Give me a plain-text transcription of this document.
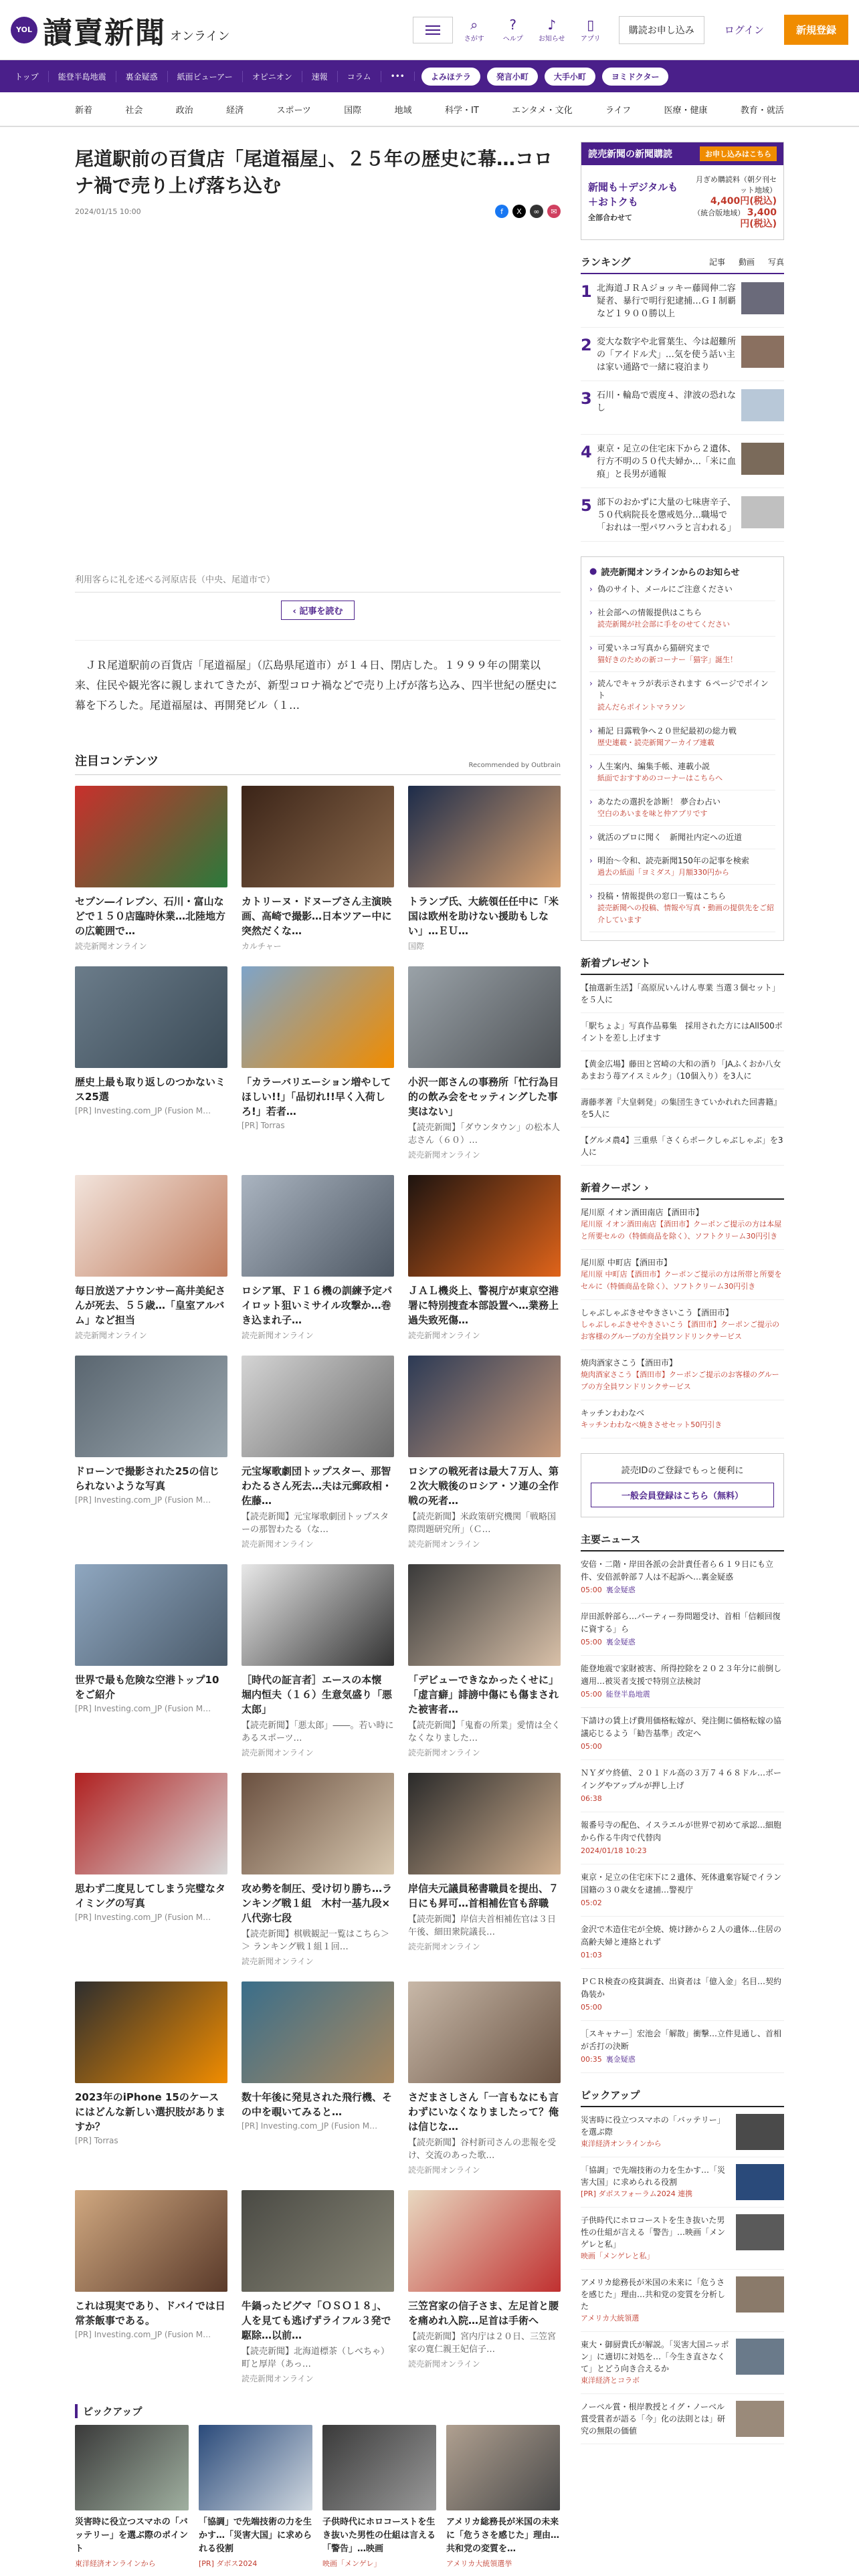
YOL 讀賣新聞 オンライン
⌕
さがす
?
ヘルプ
♪
お知らせ
▯
アプリ
購読お申し込み	ログイン	新規登録
トップ	能登半島地震	裏金疑惑	紙面ビューアー	オピニオン	速報	コラム	•••	よみほテラ	発言小町	大手小町	ヨミドクター
新着	社会	政治	経済	スポーツ	国際	地域	科学・IT	エンタメ・文化	ライフ	医療・健康	教育・就活
尾道駅前の百貨店「尾道福屋」、２５年の歴史に幕…コロナ禍で売り上げ落ち込む
2024/01/15 10:00	f	X	∞	✉
利用客らに礼を述べる河原店長（中央、尾道市で）
‹ 記事を読む

ＪＲ尾道駅前の百貨店「尾道福屋」（広島県尾道市）が１４日、閉店した。１９９９年の開業以来、住民や観光客に親しまれてきたが、新型コロナ禍などで売り上げが落ち込み、四半世紀の歴史に幕を下ろした。尾道福屋は、再開発ビル（１…

注目コンテンツ	Recommended by Outbrain
セブン―イレブン、石川・富山などで１５０店臨時休業…北陸地方の広範囲で…
読売新聞オンライン
カトリーヌ・ドヌーブさん主演映画、高崎で撮影…日本ツアー中に突然だくな…
カルチャー
トランプ氏、大統領任任中に「米国は欧州を助けない援助もしない」…ＥＵ…
国際
歴史上最も取り返しのつかないミス25選
[PR] Investing.com_JP (Fusion M…
「カラーバリエーション増やしてほしい!!」「品切れ!!早く入荷しろ!」若者…
[PR] Torras
小沢一郎さんの事務所「忙行為目的の飲み会をセッティングした事実はない」
【読売新聞】「ダウンタウン」の松本人志さん（６０）…
読売新聞オンライン
毎日放送アナウンサー高井美紀さんが死去、５５歳…「皇室アルバム」など担当
読売新聞オンライン
ロシア軍、Ｆ１６機の訓練予定パイロット狙いミサイル攻撃か…巻き込まれ子…
読売新聞オンライン
ＪＡＬ機炎上、警視庁が東京空港署に特別捜査本部設置へ…業務上過失致死傷…
読売新聞オンライン
ドローンで撮影された25の信じられないような写真
[PR] Investing.com_JP (Fusion M…
元宝塚歌劇団トップスター、那智わたるさん死去…夫は元郵政相・佐藤…
【読売新聞】元宝塚歌劇団トップスターの那智わたる（な…
読売新聞オンライン
ロシアの戦死者は最大７万人、第２次大戦後のロシア・ソ連の全作戦の死者…
【読売新聞】米政策研究機関「戦略国際問題研究所」（Ｃ…
読売新聞オンライン
世界で最も危険な空港トップ10をご紹介
[PR] Investing.com_JP (Fusion M…
［時代の証言者］エースの本懐　堀内恒夫（１６）生意気盛り「悪太郎」
【読売新聞】「悪太郎」――。若い時にあるスポーツ…
読売新聞オンライン
「デビューできなかったくせに」「虚言癖」誹謗中傷にも傷まされた被害者…
【読売新聞】「鬼畜の所業」愛情は全くなくなりました…
読売新聞オンライン
思わず二度見してしまう完璧なタイミングの写真
[PR] Investing.com_JP (Fusion M…
攻め勢を制圧、受け切り勝ち…ランキング戦１組　木村一基九段×八代弥七段
【読売新聞】棋戦観記一覧はこちら＞＞ ランキング戦１組１回…
読売新聞オンライン
岸信夫元議員秘書職員を提出、７日にも昇可…首相補佐官も辞職
【読売新聞】岸信夫首相補佐官は３日午後、細田衆院議長…
読売新聞オンライン
2023年のiPhone 15のケースにはどんな新しい選択肢がありますか？
[PR] Torras
数十年後に発見された飛行機、その中を覗いてみると…
[PR] Investing.com_JP (Fusion M…
さだまさしさん「一言もなにも言わずにいなくなりましたって？俺は信じな…
【読売新聞】谷村新司さんの悲報を受け、交流のあった歌…
読売新聞オンライン
これは現実であり、ドバイでは日常茶飯事である。
[PR] Investing.com_JP (Fusion M…
牛鍋ったピグマ「ＯＳＯ１８」、人を見ても逃げずライフル３発で駆除…以前…
【読売新聞】北海道標茶（しべちゃ）町と厚岸（あっ…
読売新聞オンライン
三笠宮家の信子さま、左足首と腰を痛めれ入院…足首は手術へ
【読売新聞】宮内庁は２０日、三笠宮家の寛仁親王妃信子…
読売新聞オンライン
ピックアップ
災害時に役立つスマホの「バッテリー」を選ぶ際のポイント
東洋経済オンラインから
「協調」で先端技術の力を生かす…「災害大国」に求められる役割
[PR] ダボス2024
子供時代にホロコーストを生き抜いた男性の仕組は言える「警告」…映画
映画「メンゲレ」
アメリカ総務長が米国の未来に「危うさを感じた」理由…共和党の変質を…
アメリカ大統領選挙
読売新聞の新聞購読	お申し込みはこちら
新聞も＋デジタルも＋おトクも
全部合わせて
月ぎめ購読料（朝夕刊セット地域）
4,400円(税込)
（統合版地域） 3,400円(税込)
ランキング	記事 動画 写真
1 北海道ＪＲＡジョッキー藤岡伸二容疑者、暴行で明行犯逮捕…ＧＩ制覇など１９００勝以上
2 変大な数字や北嘗葉生、今は超難所の「アイドル犬」…気を使う話い主は家い通路で一緒に寝泊まり
3 石川・輪島で震度４、津波の恐れなし
4 東京・足立の住宅床下から２遺体、行方不明の５０代夫婦か…「米に血痕」と長男が通報
5 部下のおかずに大量の七味唐辛子、５０代病院長を懲戒処分…職場で「おれは一型パワハラと言われる」
● 読売新聞オンラインからのお知らせ
› 偽のサイト、メールにご注意ください
› 社会部への情報提供はこちら
読売新聞が社会部に手をのせてください
› 可愛いネコ写真から猫研究まで
猫好きのための新コーナー「猫字」誕生！
› 読んでキャラが表示されます ６ページでポイント
読んだらポイントマラソン
› 補記 日露戦争へ２０世紀最初の総力戦
歴史連載・読売新聞アーカイブ連載
› 人生案内、編集手帳、連載小説
紙面でおすすめのコーナーはこちらへ
› あなたの選択を診断！ 夢合わ占い
空白のあいまを味と仲アプリです
› 就活のプロに聞く　新聞社内定への近道
› 明治〜令和、読売新聞150年の記事を検索
過去の紙面「ヨミダス」月額330円から
› 投稿・情報提供の窓口一覧はこちら
読売新聞への投稿、情報や写真・動画の提供先をご紹介しています
新着プレゼント
【抽選新生活】「高原尻いんけん専業 当選３個セット」を５人に
「駅ちょよ」写真作品募集　採用された方にはAll500ポイントを差し上げます
【黄金広場】藤田と宮崎の大和の酒り「JAふくおか八女　あまおう苺アイスミルク」（10個入り）を3人に
壽藤孝著『大皇刺発」の集団生きていかれれた回書籍』を5人に
【グルメ農4】三重県「さくらポークしゃぶしゃぶ」を3人に
新着クーポン ›
尾川原 イオン酒田南店【酒田市】
尾川原 イオン酒田南店【酒田市】クーポンご提示の方は本屋と所要セルの（特価商品を除く）、ソフトクリーム30円引き
尾川原 中町店【酒田市】
尾川原 中町店【酒田市】クーポンご提示の方は所帯と所要をセルに（特価商品を除く）、ソフトクリーム30円引き
しゃぶしゃぶきせやきさいこう【酒田市】
しゃぶしゃぶきせやきさいこう【酒田市】クーポンご提示のお客様のグループの方全員ワンドリンクサービス
焼肉酒家さこう【酒田市】
焼肉酒家さこう【酒田市】クーポンご提示のお客様のグループの方全員ワンドリンクサービス
キッチンわわなべ
キッチンわわなべ焼きさせセット50円引き

読売IDのご登録でもっと便利に

一般会員登録はこちら（無料）
主要ニュース
安倍・二階・岸田各派の会計責任者ら６１９日にも立件、安倍派幹部７人は不起訴へ…裏金疑惑
05:00 裏金疑惑
岸田派幹部ら…パーティー券問題受け、首相「信頼回復に資する」ら
05:00 裏金疑惑
能登地震で家財被害、所得控除を２０２３年分に前倒し適用…被災者支援で特別立法検討
05:00 能登半島地震
下請けの賃上げ費用価格転嫁が、発注側に価格転嫁の協議応じるよう「勧告基準」改定へ
05:00
ＮＹダウ終値、２０１ドル高の３万７４６８ドル…ボーイングやアップルが押し上げ
06:38
報番号寺の配色、イスラエルが世界で初めて承認…細胞から作る牛肉で代替肉
2024/01/18 10:23
東京・足立の住宅床下に２遺体、死体遺棄容疑でイラン国籍の３０歳女を逮捕…警視庁
05:02
金沢で木造住宅が全焼、焼け跡から２人の遺体…住居の高齢夫婦と連絡とれず
01:03
ＰＣＲ検査の疫貧調査、出資者は「億入金」名目…契約偽装か
05:00
［スキャナー］宏池会「解散」衝撃…立件見通し、首相が舌打の決断
00:35 裏金疑惑
ピックアップ
災害時に役立つスマホの「バッテリー」を選ぶ際
東洋経済オンラインから
「協調」で先端技術の力を生かす…「災害大国」に求められる役割
[PR] ダボスフォーラム2024 連携
子供時代にホロコーストを生き抜いた男性の仕組が言える「警告」…映画「メンゲレと私」
映画「メンゲレと私」
アメリカ総務長が米国の未来に「危うさを感じた」理由…共和党の変質を分析した
アメリカ大統領選
東大・御厨貴氏が解説。「災害大国ニッポン」に適切に対処を…「今生き直さなくて」とどう向き合えるか
東洋経済とコラボ
ノーベル賞・根岸教授とイグ・ノーベル賞受賞者が語る「今」化の法則とは」研究の無限の価値
